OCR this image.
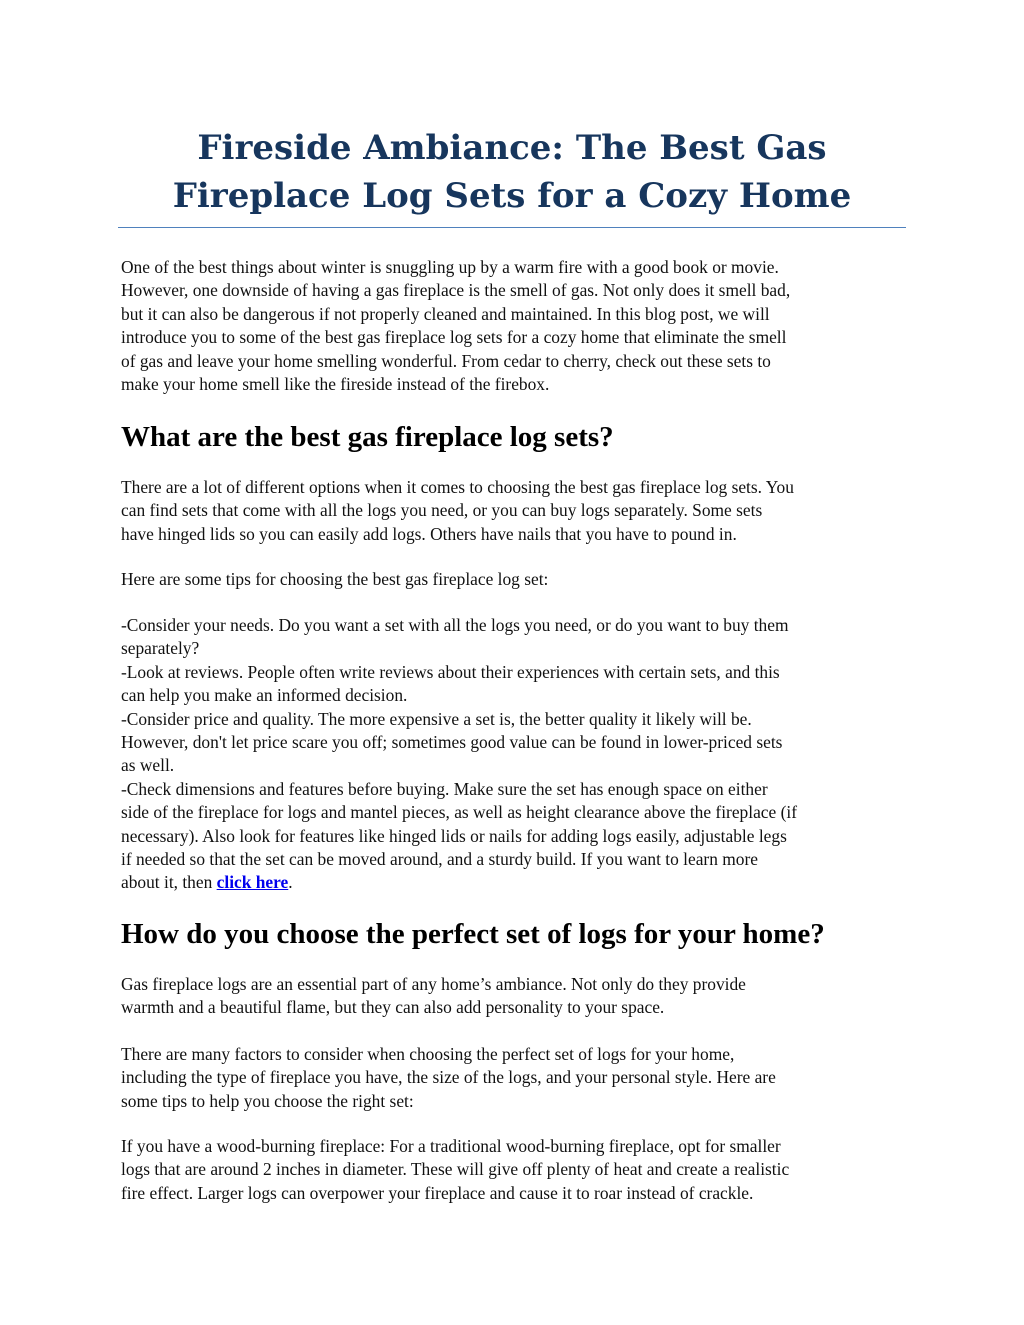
Fireside Ambiance: The Best Gas
Fireplace Log Sets for a Cozy Home

One of the best things about winter is snuggling up by a warm fire with a good book or movie.
However, one downside of having a gas fireplace is the smell of gas. Not only does it smell bad,
but it can also be dangerous if not properly cleaned and maintained. In this blog post, we will
introduce you to some of the best gas fireplace log sets for a cozy home that eliminate the smell
of gas and leave your home smelling wonderful. From cedar to cherry, check out these sets to
make your home smell like the fireside instead of the firebox.

What are the best gas fireplace log sets?

There are a lot of different options when it comes to choosing the best gas fireplace log sets. You
can find sets that come with all the logs you need, or you can buy logs separately. Some sets
have hinged lids so you can easily add logs. Others have nails that you have to pound in.

Here are some tips for choosing the best gas fireplace log set:

-Consider your needs. Do you want a set with all the logs you need, or do you want to buy them
separately?
-Look at reviews. People often write reviews about their experiences with certain sets, and this
can help you make an informed decision.
-Consider price and quality. The more expensive a set is, the better quality it likely will be.
However, don't let price scare you off; sometimes good value can be found in lower-priced sets
as well.
-Check dimensions and features before buying. Make sure the set has enough space on either
side of the fireplace for logs and mantel pieces, as well as height clearance above the fireplace (if
necessary). Also look for features like hinged lids or nails for adding logs easily, adjustable legs
if needed so that the set can be moved around, and a sturdy build. If you want to learn more
about it, then click here.

How do you choose the perfect set of logs for your home?

Gas fireplace logs are an essential part of any home’s ambiance. Not only do they provide
warmth and a beautiful flame, but they can also add personality to your space.

There are many factors to consider when choosing the perfect set of logs for your home,
including the type of fireplace you have, the size of the logs, and your personal style. Here are
some tips to help you choose the right set:

If you have a wood-burning fireplace: For a traditional wood-burning fireplace, opt for smaller
logs that are around 2 inches in diameter. These will give off plenty of heat and create a realistic
fire effect. Larger logs can overpower your fireplace and cause it to roar instead of crackle.
